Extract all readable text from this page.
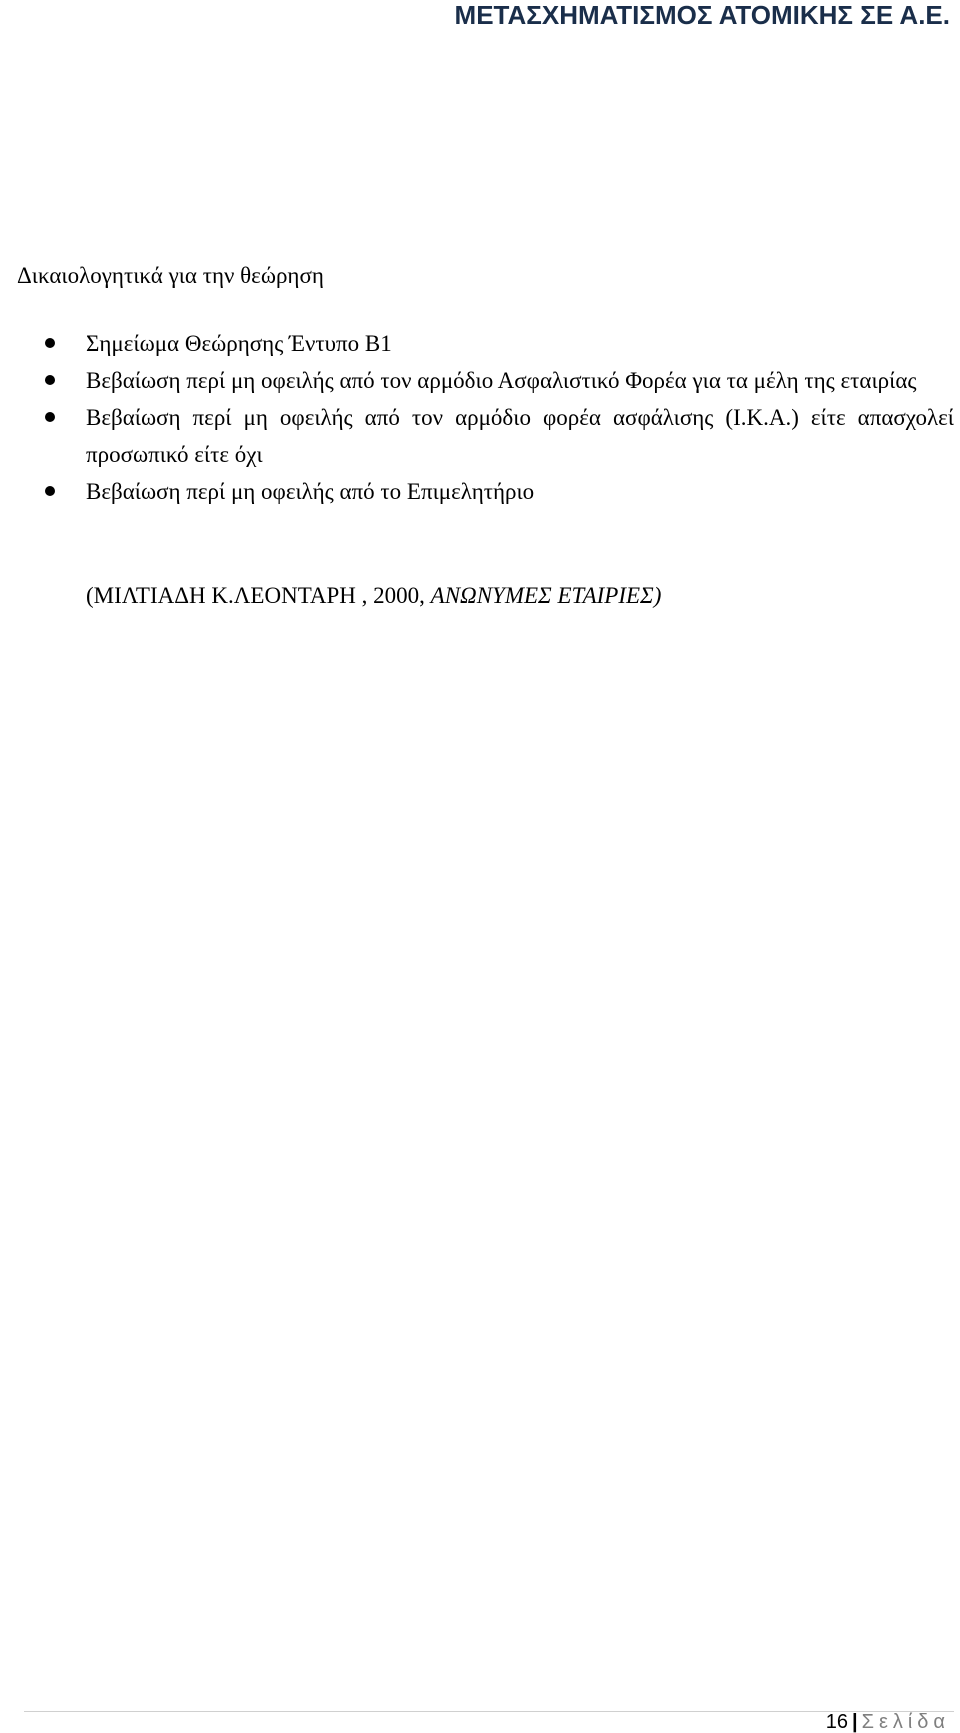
ΜΕΤΑΣΧΗΜΑΤΙΣΜΟΣ ΑΤΟΜΙΚΗΣ ΣΕ Α.Ε.
Δικαιολογητικά για την θεώρηση
Σημείωμα Θεώρησης Έντυπο Β1
Βεβαίωση περί μη οφειλής από τον αρμόδιο Ασφαλιστικό Φορέα για τα μέλη της εταιρίας
Βεβαίωση περί μη οφειλής από τον αρμόδιο φορέα ασφάλισης (Ι.Κ.Α.) είτε απασχολεί προσωπικό είτε όχι
Βεβαίωση περί μη οφειλής από το Επιμελητήριο
(ΜΙΛΤΙΑΔΗ Κ.ΛΕΟΝΤΑΡΗ , 2000, ΑΝΩΝΥΜΕΣ ΕΤΑΙΡΙΕΣ)
16 | Σελίδα
